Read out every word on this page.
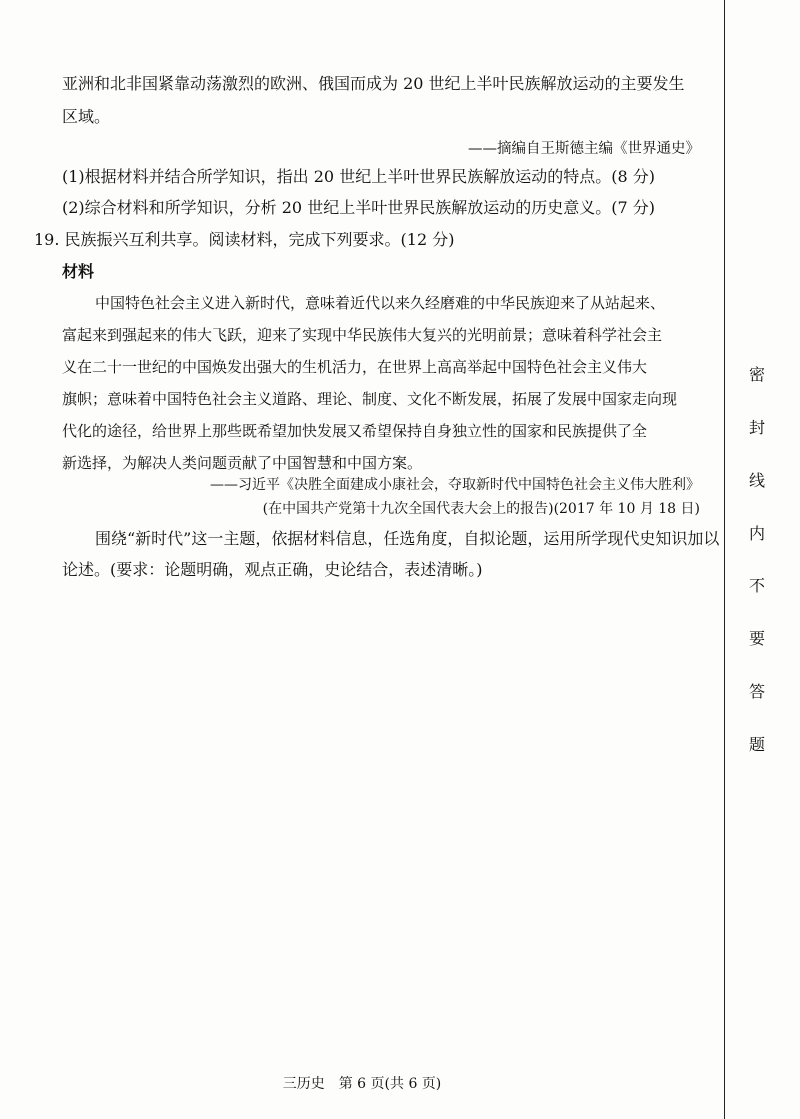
亚洲和北非国紧靠动荡激烈的欧洲、俄国而成为 20 世纪上半叶民族解放运动的主要发生
区域。
——摘编自王斯德主编《世界通史》
(1)根据材料并结合所学知识，指出 20 世纪上半叶世界民族解放运动的特点。(8 分)
(2)综合材料和所学知识，分析 20 世纪上半叶世界民族解放运动的历史意义。(7 分)
19. 民族振兴互利共享。阅读材料，完成下列要求。(12 分)
材料
中国特色社会主义进入新时代，意味着近代以来久经磨难的中华民族迎来了从站起来、
富起来到强起来的伟大飞跃，迎来了实现中华民族伟大复兴的光明前景；意味着科学社会主
义在二十一世纪的中国焕发出强大的生机活力，在世界上高高举起中国特色社会主义伟大
旗帜；意味着中国特色社会主义道路、理论、制度、文化不断发展，拓展了发展中国家走向现
代化的途径，给世界上那些既希望加快发展又希望保持自身独立性的国家和民族提供了全
新选择，为解决人类问题贡献了中国智慧和中国方案。
——习近平《决胜全面建成小康社会，夺取新时代中国特色社会主义伟大胜利》
(在中国共产党第十九次全国代表大会上的报告)(2017 年 10 月 18 日)
围绕“新时代”这一主题，依据材料信息，任选角度，自拟论题，运用所学现代史知识加以
论述。(要求：论题明确，观点正确，史论结合，表述清晰。)
密
封
线
内
不
要
答
题
三历史　第 6 页(共 6 页)
